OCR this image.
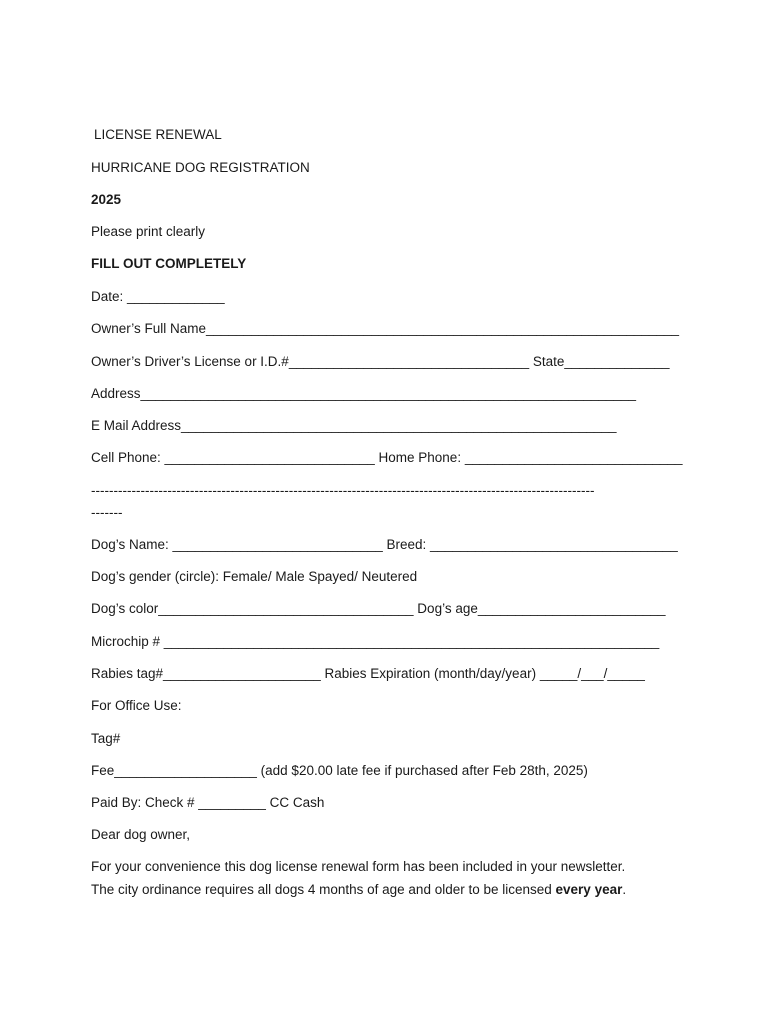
LICENSE RENEWAL
HURRICANE DOG REGISTRATION
2025
Please print clearly
FILL OUT COMPLETELY
Date: _____________
Owner’s Full Name_______________________________________________________________
Owner’s Driver’s License or I.D.#________________________________ State______________
Address__________________________________________________________________
E Mail Address__________________________________________________________
Cell Phone: ____________________________ Home Phone: _____________________________
----------------------------------------------------------------------------------------------------------------
-------
Dog’s Name: ____________________________ Breed: _________________________________
Dog’s gender (circle): Female/ Male Spayed/ Neutered
Dog’s color__________________________________ Dog’s age_________________________
Microchip # __________________________________________________________________
Rabies tag#_____________________ Rabies Expiration (month/day/year) _____/___/_____
For Office Use:
Tag#
Fee___________________ (add $20.00 late fee if purchased after Feb 28th, 2025)
Paid By: Check # _________ CC Cash
Dear dog owner,
For your convenience this dog license renewal form has been included in your newsletter.
The city ordinance requires all dogs 4 months of age and older to be licensed every year.
